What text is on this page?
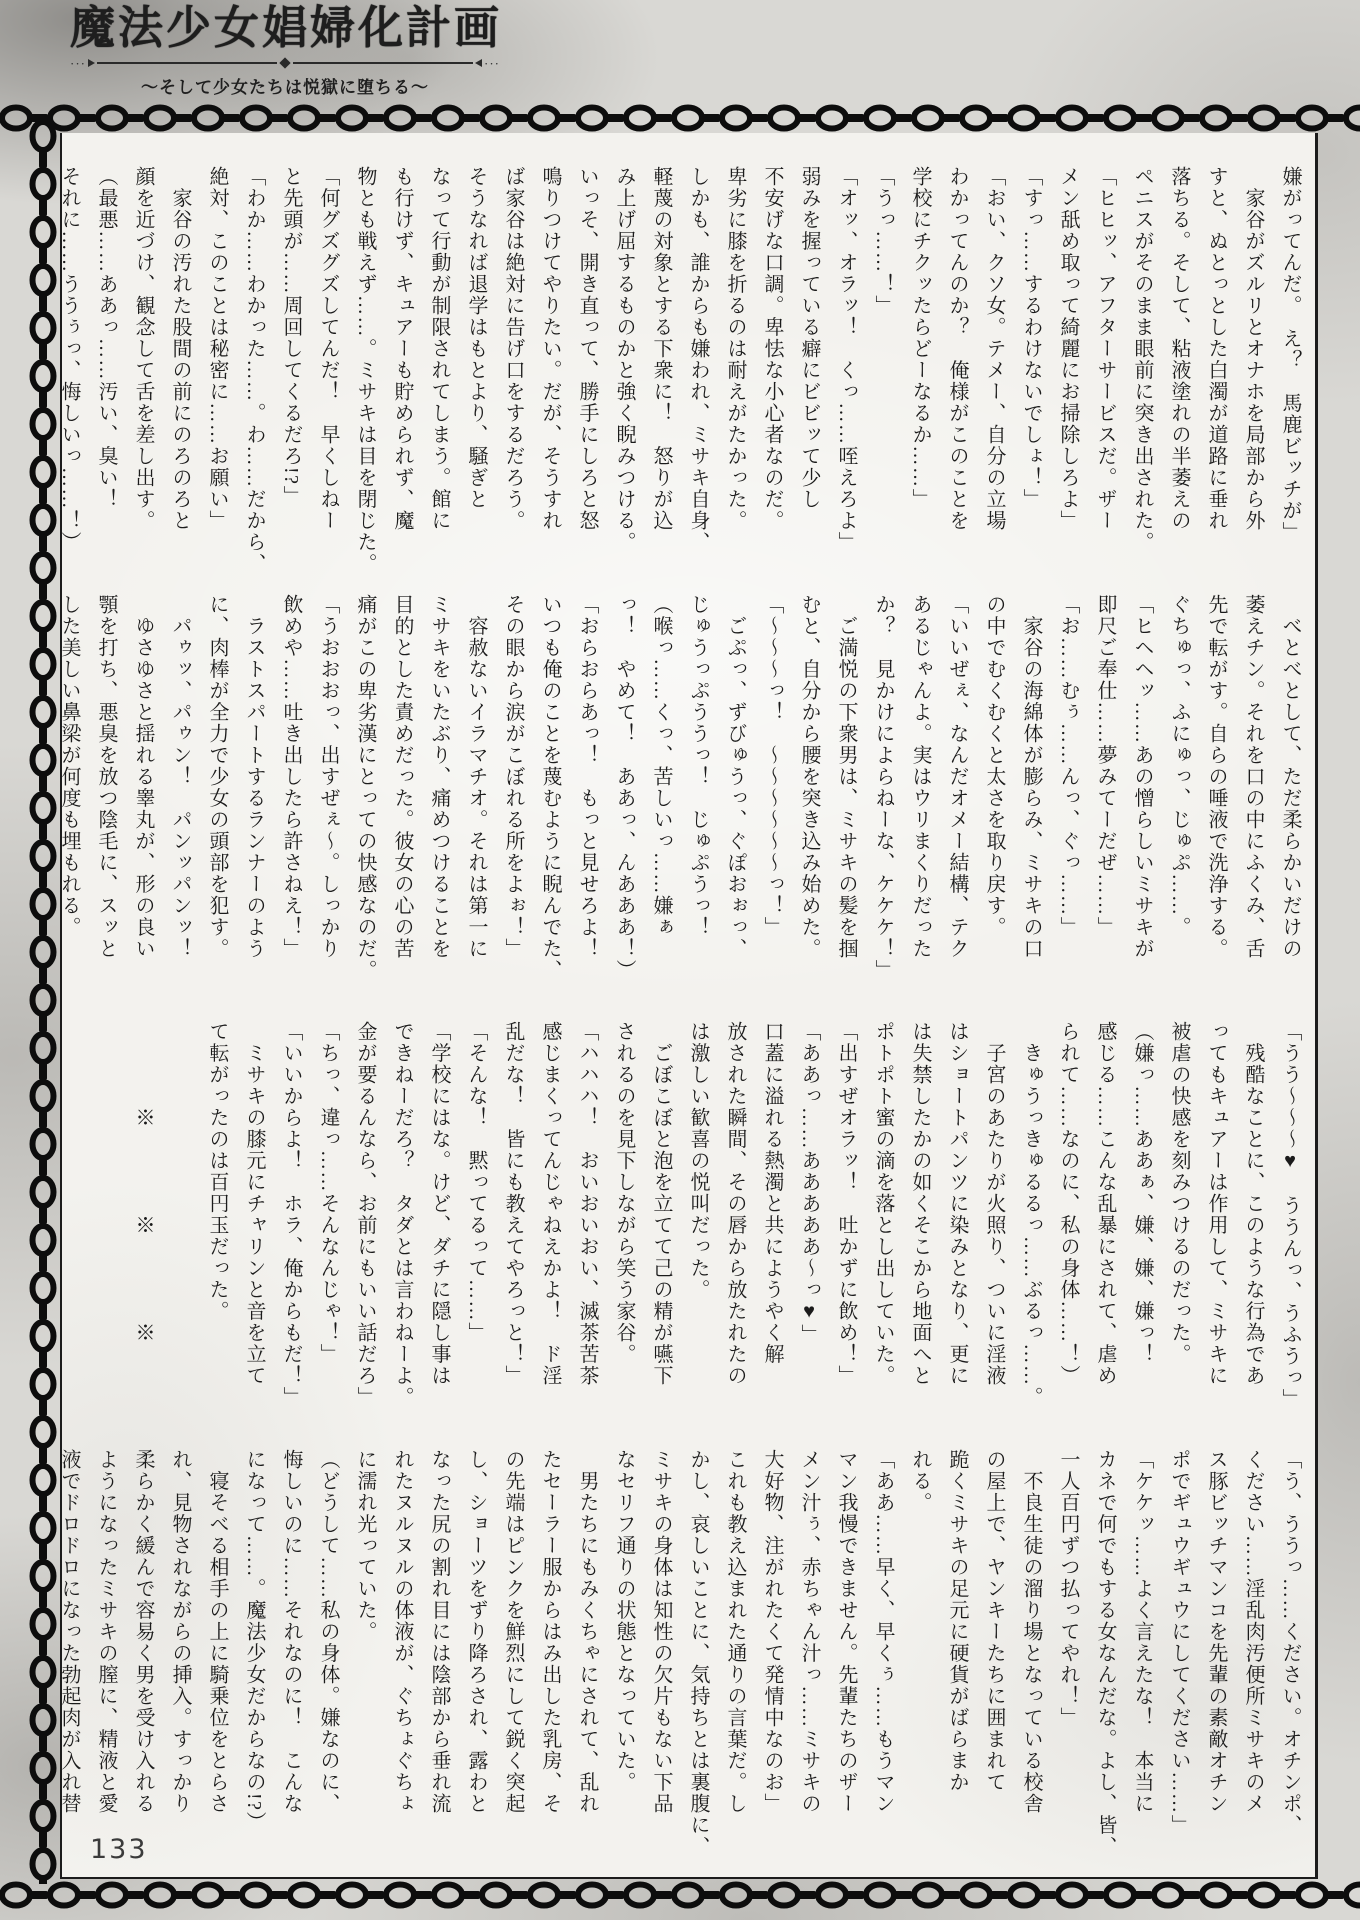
魔法少女娼婦化計画
···	···
〜そして少女たちは悦獄に堕ちる〜

嫌がってんだ。　え？　馬鹿ビッチが」

　家谷がズルリとオナホを局部から外

すと、ぬとっとした白濁が道路に垂れ

落ちる。そして、粘液塗れの半萎えの

ペニスがそのまま眼前に突き出された。

「ヒヒッ、アフターサービスだ。ザー

メン舐め取って綺麗にお掃除しろよ」

「すっ……するわけないでしょ！」

「おい、クソ女。テメー、自分の立場

わかってんのか？　俺様がこのことを

学校にチクッたらどーなるか……」

「うっ……！」

「オッ、オラッ！　くっ……咥えろよ」

弱みを握っている癖にビビッて少し

不安げな口調。卑怯な小心者なのだ。

卑劣に膝を折るのは耐えがたかった。

しかも、誰からも嫌われ、ミサキ自身、

軽蔑の対象とする下衆に！　怒りが込

み上げ屈するものかと強く睨みつける。

いっそ、開き直って、勝手にしろと怒

鳴りつけてやりたい。だが、そうすれ

ば家谷は絶対に告げ口をするだろう。

そうなれば退学はもとより、騒ぎと

なって行動が制限されてしまう。館に

も行けず、キュアーも貯められず、魔

物とも戦えず……。ミサキは目を閉じた。

「何グズグズしてんだ！　早くしねー

と先頭が……周回してくるだろ!?」

「わか……わかった……。わ……だから、

絶対、このことは秘密に……お願い」

　家谷の汚れた股間の前にのろのろと

顔を近づけ、観念して舌を差し出す。

（最悪……ああっ……汚い、臭い！

それに……ううぅっ、悔しいっ……！）

　べとべとして、ただ柔らかいだけの

萎えチン。それを口の中にふくみ、舌

先で転がす。自らの唾液で洗浄する。

ぐちゅっ、ふにゅっ、じゅぷ……。

「ヒヘヘッ……あの憎らしいミサキが

即尺ご奉仕……夢みてーだぜ……」

「お……むぅ……んっ、ぐっ……」

　家谷の海綿体が膨らみ、ミサキの口

の中でむくむくと太さを取り戻す。

「いいぜぇ、なんだオメー結構、テク

あるじゃんよ。実はウリまくりだった

か？　見かけによらねーな、ケケケ！」

　ご満悦の下衆男は、ミサキの髪を掴

むと、自分から腰を突き込み始めた。

「〜〜〜っ！　〜〜〜〜〜〜っ！」

　ごぷっ、ずびゅうっ、ぐぽおぉっ、

じゅうっぷううっ！　じゅぷうっ！

（喉っ……くっ、苦しいっ……嫌ぁ

っ！　やめて！　ああっ、んあああ！）

「おらおらあっ！　もっと見せろよ！

いつも俺のことを蔑むように睨んでた、

その眼から涙がこぼれる所をよぉ！」

　容赦ないイラマチオ。それは第一に

ミサキをいたぶり、痛めつけることを

目的とした責めだった。彼女の心の苦

痛がこの卑劣漢にとっての快感なのだ。

「うおおおっ、出すぜぇ〜。しっかり

飲めや……吐き出したら許さねえ！」

　ラストスパートするランナーのよう

に、肉棒が全力で少女の頭部を犯す。

　パゥッ、パゥン！　パンッパンッ！

　ゆさゆさと揺れる睾丸が、形の良い

顎を打ち、悪臭を放つ陰毛に、スッと

した美しい鼻梁が何度も埋もれる。

「うう〜〜〜♥　ううんっ、うふうっ」

　残酷なことに、このような行為であ

ってもキュアーは作用して、ミサキに

被虐の快感を刻みつけるのだった。

（嫌っ……ああぁ、嫌、嫌、嫌っ！

感じる……こんな乱暴にされて、虐め

られて……なのに、私の身体……！）

　きゅうっきゅるるっ……ぶるっ……。

　子宮のあたりが火照り、ついに淫液

はショートパンツに染みとなり、更に

は失禁したかの如くそこから地面へと

ポトポト蜜の滴を落とし出していた。

「出すぜオラッ！　吐かずに飲め！」

「ああっ……あああああ〜っ♥」

口蓋に溢れる熱濁と共にようやく解

放された瞬間、その唇から放たれたの

は激しい歓喜の悦叫だった。

　ごぼこぼと泡を立てて己の精が嚥下

されるのを見下しながら笑う家谷。

「ハハハ！　おいおいおい、滅茶苦茶

感じまくってんじゃねえかよ！　ド淫

乱だな！　皆にも教えてやろっと！」

「そんな！　黙ってるって……」

「学校にはな。けど、ダチに隠し事は

できねーだろ？　タダとは言わねーよ。

金が要るんなら、お前にもいい話だろ」

「ちっ、違っ……そんなんじゃ！」

「いいからよ！　ホラ、俺からもだ！」

　ミサキの膝元にチャリンと音を立て

て転がったのは百円玉だった。

　　　　※　　　　※　　　　※

「う、ううっ……ください。オチンポ、

ください……淫乱肉汚便所ミサキのメ

ス豚ビッチマンコを先輩の素敵オチン

ポでギュウギュウにしてください……」

「ケケッ……よく言えたな！　本当に

カネで何でもする女なんだな。よし、皆、

一人百円ずつ払ってやれ！」

　不良生徒の溜り場となっている校舎

の屋上で、ヤンキーたちに囲まれて

跪くミサキの足元に硬貨がばらまか

れる。

「ああ……早く、早くぅ……もうマン

マン我慢できません。先輩たちのザー

メン汁ぅ、赤ちゃん汁っ……ミサキの

大好物、注がれたくて発情中なのお」

これも教え込まれた通りの言葉だ。し

かし、哀しいことに、気持ちとは裏腹に、

ミサキの身体は知性の欠片もない下品

なセリフ通りの状態となっていた。

　男たちにもみくちゃにされて、乱れ

たセーラー服からはみ出した乳房、そ

の先端はピンクを鮮烈にして鋭く突起

し、ショーツをずり降ろされ、露わと

なった尻の割れ目には陰部から垂れ流

れたヌルヌルの体液が、ぐちょぐちょ

に濡れ光っていた。

（どうして……私の身体。嫌なのに、

悔しいのに……それなのに！　こんな

になって……。魔法少女だからなの!?）

　寝そべる相手の上に騎乗位をとらさ

れ、見物されながらの挿入。すっかり

柔らかく緩んで容易く男を受け入れる

ようになったミサキの膣に、精液と愛

液でドロドロになった勃起肉が入れ替

133
